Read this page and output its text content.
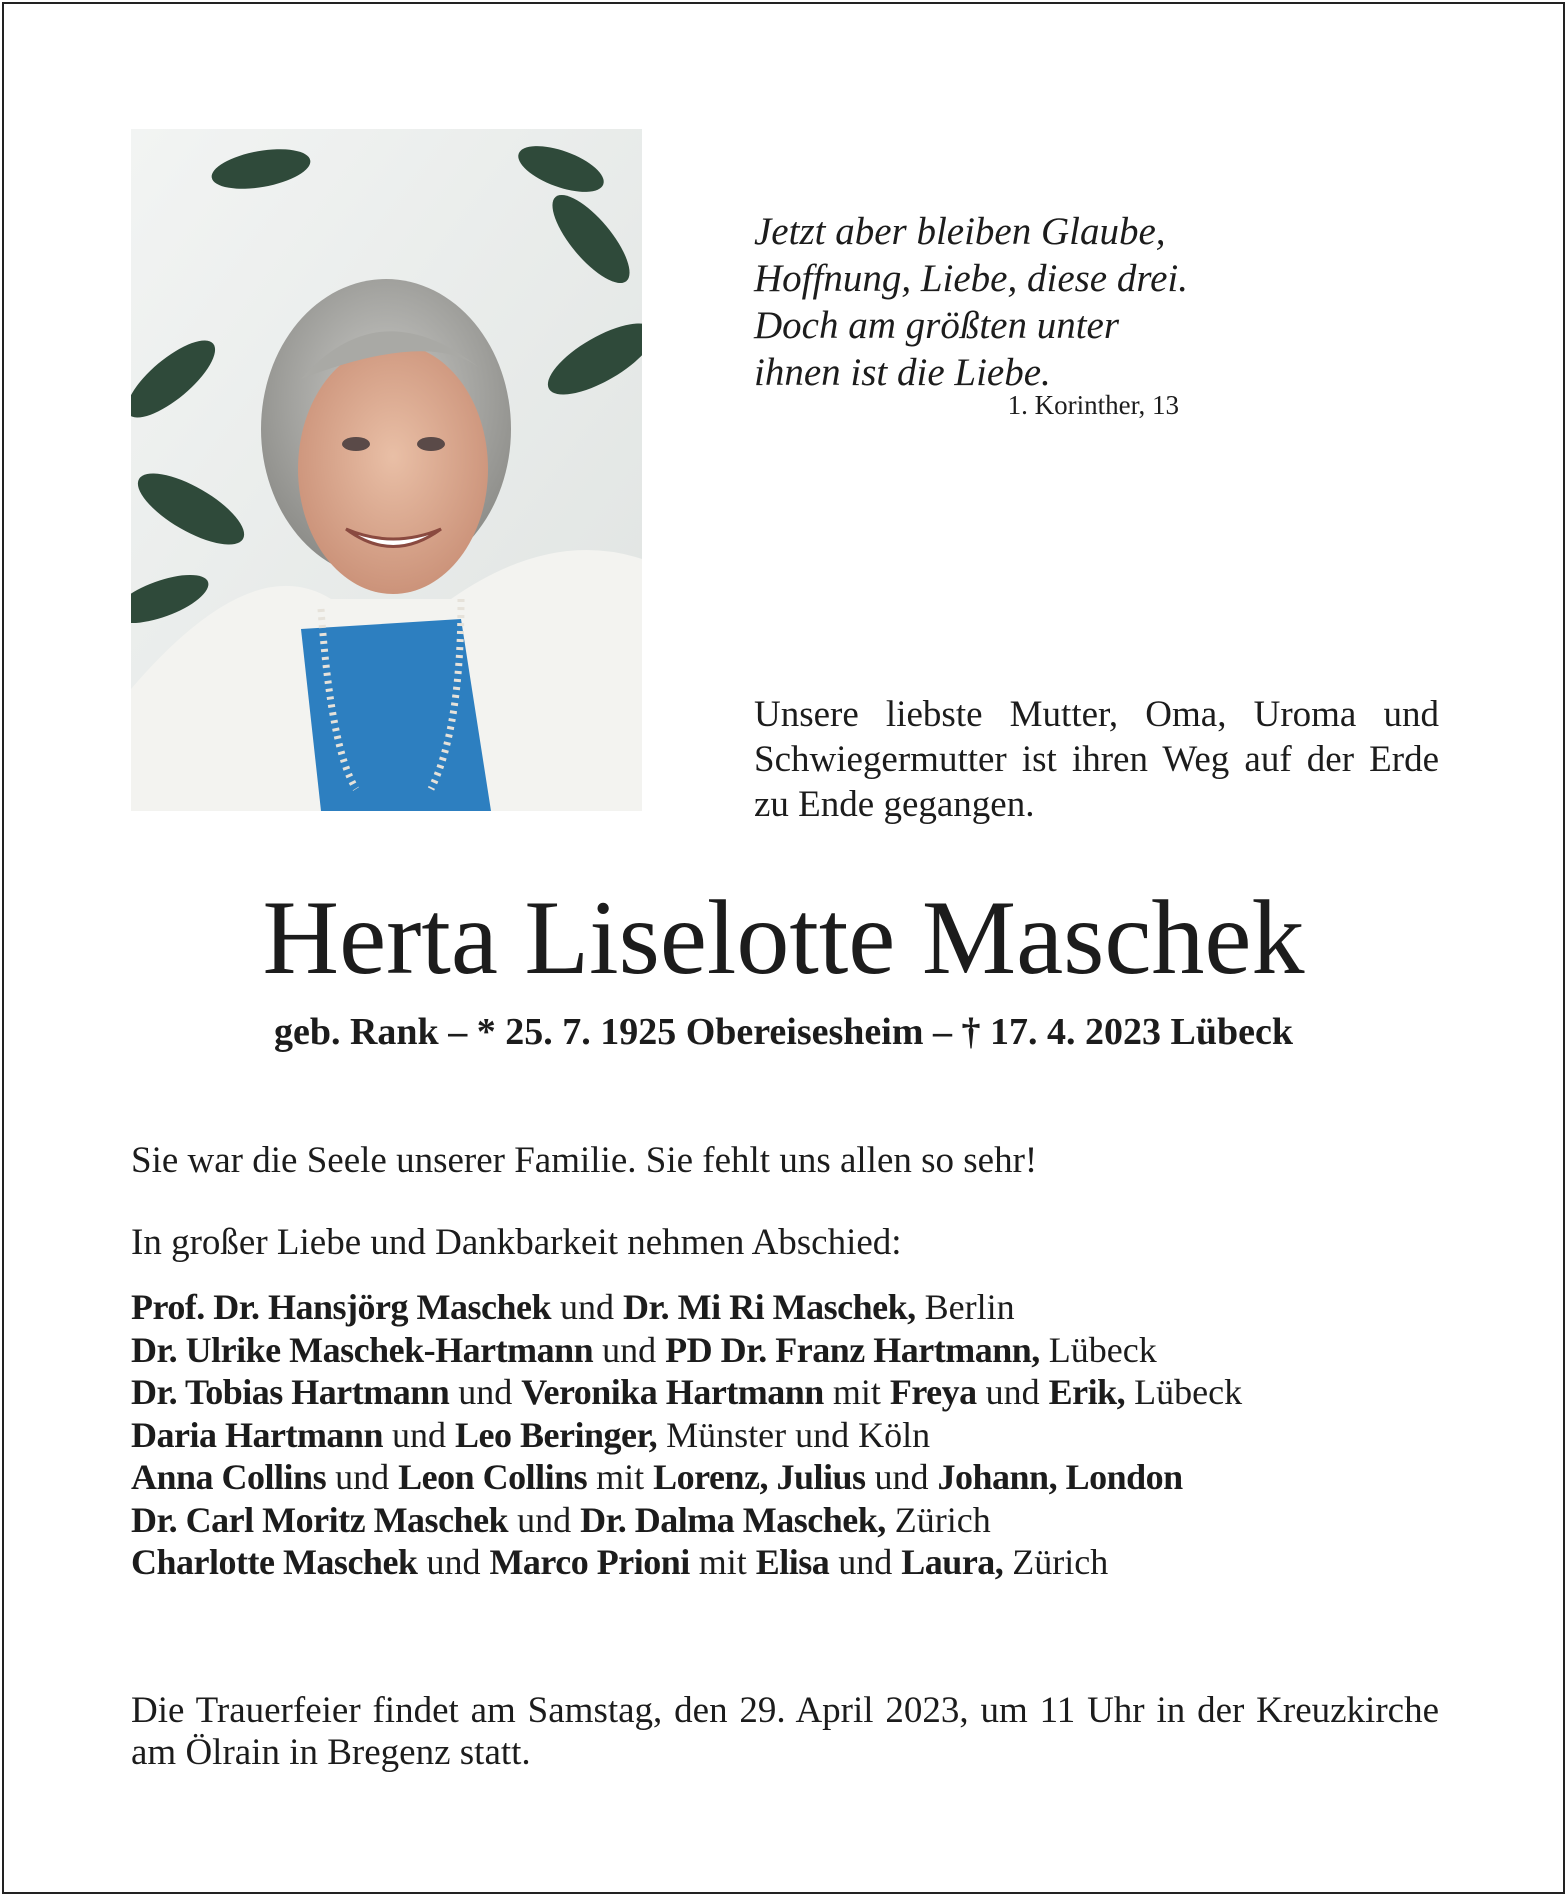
Jetzt aber bleiben Glaube,
Hoffnung, Liebe, diese drei.
Doch am größten unter
ihnen ist die Liebe.
1. Korinther, 13
Unsere liebste Mutter, Oma, Uroma und Schwiegermutter ist ihren Weg auf der Erde zu Ende gegangen.
Herta Liselotte Maschek
geb. Rank – * 25. 7. 1925 Obereisesheim – † 17. 4. 2023 Lübeck
Sie war die Seele unserer Familie. Sie fehlt uns allen so sehr!
In großer Liebe und Dankbarkeit nehmen Abschied:
Prof. Dr. Hansjörg Maschek und Dr. Mi Ri Maschek, Berlin
Dr. Ulrike Maschek-Hartmann und PD Dr. Franz Hartmann, Lübeck
Dr. Tobias Hartmann und Veronika Hartmann mit Freya und Erik, Lübeck
Daria Hartmann und Leo Beringer, Münster und Köln
Anna Collins und Leon Collins mit Lorenz, Julius und Johann, London
Dr. Carl Moritz Maschek und Dr. Dalma Maschek, Zürich
Charlotte Maschek und Marco Prioni mit Elisa und Laura, Zürich
Die Trauerfeier findet am Samstag, den 29. April 2023, um 11 Uhr in der Kreuzkirche am Ölrain in Bregenz statt.
